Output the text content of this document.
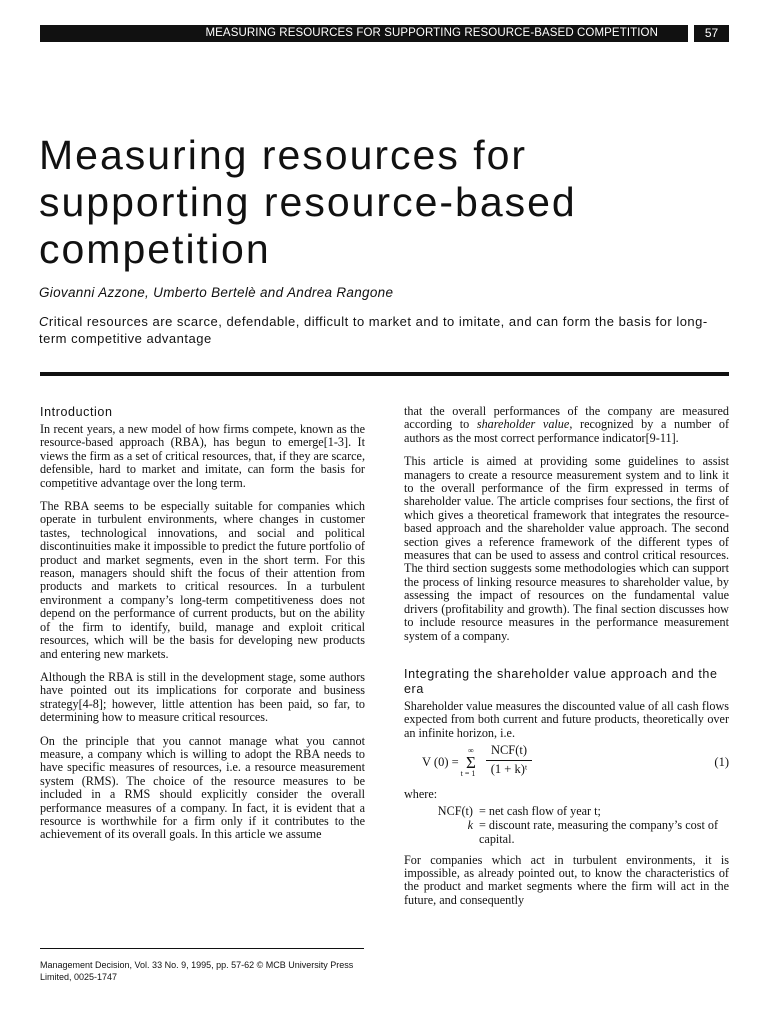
MEASURING RESOURCES FOR SUPPORTING RESOURCE-BASED COMPETITION	57
Measuring resources for supporting resource-based competition
Giovanni Azzone, Umberto Bertelè and Andrea Rangone
Critical resources are scarce, defendable, difficult to market and to imitate, and can form the basis for long-term competitive advantage
Introduction

In recent years, a new model of how firms compete, known as the resource-based approach (RBA), has begun to emerge[1-3]. It views the firm as a set of critical resources, that, if they are scarce, defensible, hard to market and imitate, can form the basis for competitive advantage over the long term.

The RBA seems to be especially suitable for companies which operate in turbulent environments, where changes in customer tastes, technological innovations, and social and political discontinuities make it impossible to predict the future portfolio of product and market segments, even in the short term. For this reason, managers should shift the focus of their attention from products and markets to critical resources. In a turbulent environment a company’s long-term competitiveness does not depend on the performance of current products, but on the ability of the firm to identify, build, manage and exploit critical resources, which will be the basis for developing new products and entering new markets.

Although the RBA is still in the development stage, some authors have pointed out its implications for corporate and business strategy[4-8]; however, little attention has been paid, so far, to determining how to measure critical resources.

On the principle that you cannot manage what you cannot measure, a company which is willing to adopt the RBA needs to have specific measures of resources, i.e. a resource measurement system (RMS). The choice of the resource measures to be included in a RMS should explicitly consider the overall performance measures of a company. In fact, it is evident that a resource is worthwhile for a firm only if it contributes to the achievement of its overall goals. In this article we assume

Management Decision, Vol. 33 No. 9, 1995, pp. 57-62 © MCB University Press Limited, 0025-1747

that the overall performances of the company are measured according to shareholder value, recognized by a number of authors as the most correct performance indicator[9-11].

This article is aimed at providing some guidelines to assist managers to create a resource measurement system and to link it to the overall performance of the firm expressed in terms of shareholder value. The article comprises four sections, the first of which gives a theoretical framework that integrates the resource-based approach and the shareholder value approach. The second section gives a reference framework of the different types of measures that can be used to assess and control critical resources. The third section suggests some methodologies which can support the process of linking resource measures to shareholder value, by assessing the impact of resources on the fundamental value drivers (profitability and growth). The final section discusses how to include resource measures in the performance measurement system of a company.

Integrating the shareholder value approach and the era

Shareholder value measures the discounted value of all cash flows expected from both current and future products, theoretically over an infinite horizon, i.e.

V (0) =
∞
Σ
t = 1
NCF(t)
(1 + k)ᵗ	(1)
where:
NCF(t) = net cash flow of year t;
k = discount rate, measuring the company’s cost of capital.

For companies which act in turbulent environments, it is impossible, as already pointed out, to know the characteristics of the product and market segments where the firm will act in the future, and consequently
